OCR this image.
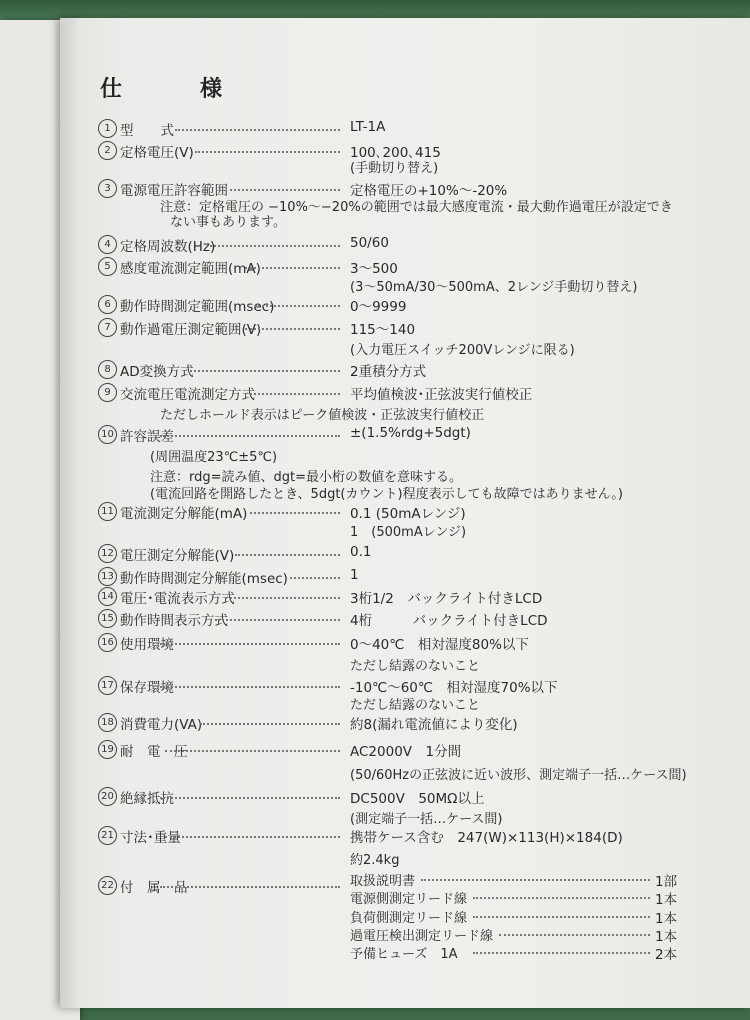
仕　様
1 型　　式	LT-1A
2 定格電圧(V)	100､200､415
(手動切り替え)
3 電源電圧許容範囲	定格電圧の+10%〜-20%
注意：定格電圧の −10%〜−20%の範囲では最大感度電流・最大動作過電圧が設定でき
ない事もあります。
4 定格周波数(Hz)	50/60
5 感度電流測定範囲(mA)	3〜500
(3〜50mA/30〜500mA、2レンジ手動切り替え)
6 動作時間測定範囲(msec)	0〜9999
7 動作過電圧測定範囲(V)	115〜140
(入力電圧スイッチ200Vレンジに限る)
8 AD変換方式	2重積分方式
9 交流電圧電流測定方式	平均値検波･正弦波実行値校正
ただしホールド表示はピーク値検波・正弦波実行値校正
10 許容誤差	±(1.5%rdg+5dgt)
(周囲温度23℃±5℃)
注意：rdg=読み値、dgt=最小桁の数値を意味する。
(電流回路を開路したとき、5dgt(カウント)程度表示しても故障ではありません。)
11 電流測定分解能(mA)	0.1 (50mAレンジ)
1　(500mAレンジ)
12 電圧測定分解能(V)	0.1
13 動作時間測定分解能(msec)	1
14 電圧･電流表示方式	3桁1/2　バックライト付きLCD
15 動作時間表示方式	4桁　　　バックライト付きLCD
16 使用環境	0〜40℃　相対湿度80%以下
ただし結露のないこと
17 保存環境	-10℃〜60℃　相対湿度70%以下
ただし結露のないこと
18 消費電力(VA)	約8(漏れ電流値により変化)
19 耐　電　圧	AC2000V　1分間
(50/60Hzの正弦波に近い波形、測定端子一括…ケース間)
20 絶縁抵抗	DC500V　50MΩ以上
(測定端子一括…ケース間)
21 寸法･重量	携帯ケース含む　247(W)×113(H)×184(D)
約2.4kg
22 付　属　品	取扱説明書	1部
電源側測定リード線	1本
負荷側測定リード線	1本
過電圧検出測定リード線	1本
予備ヒューズ　1A	2本
